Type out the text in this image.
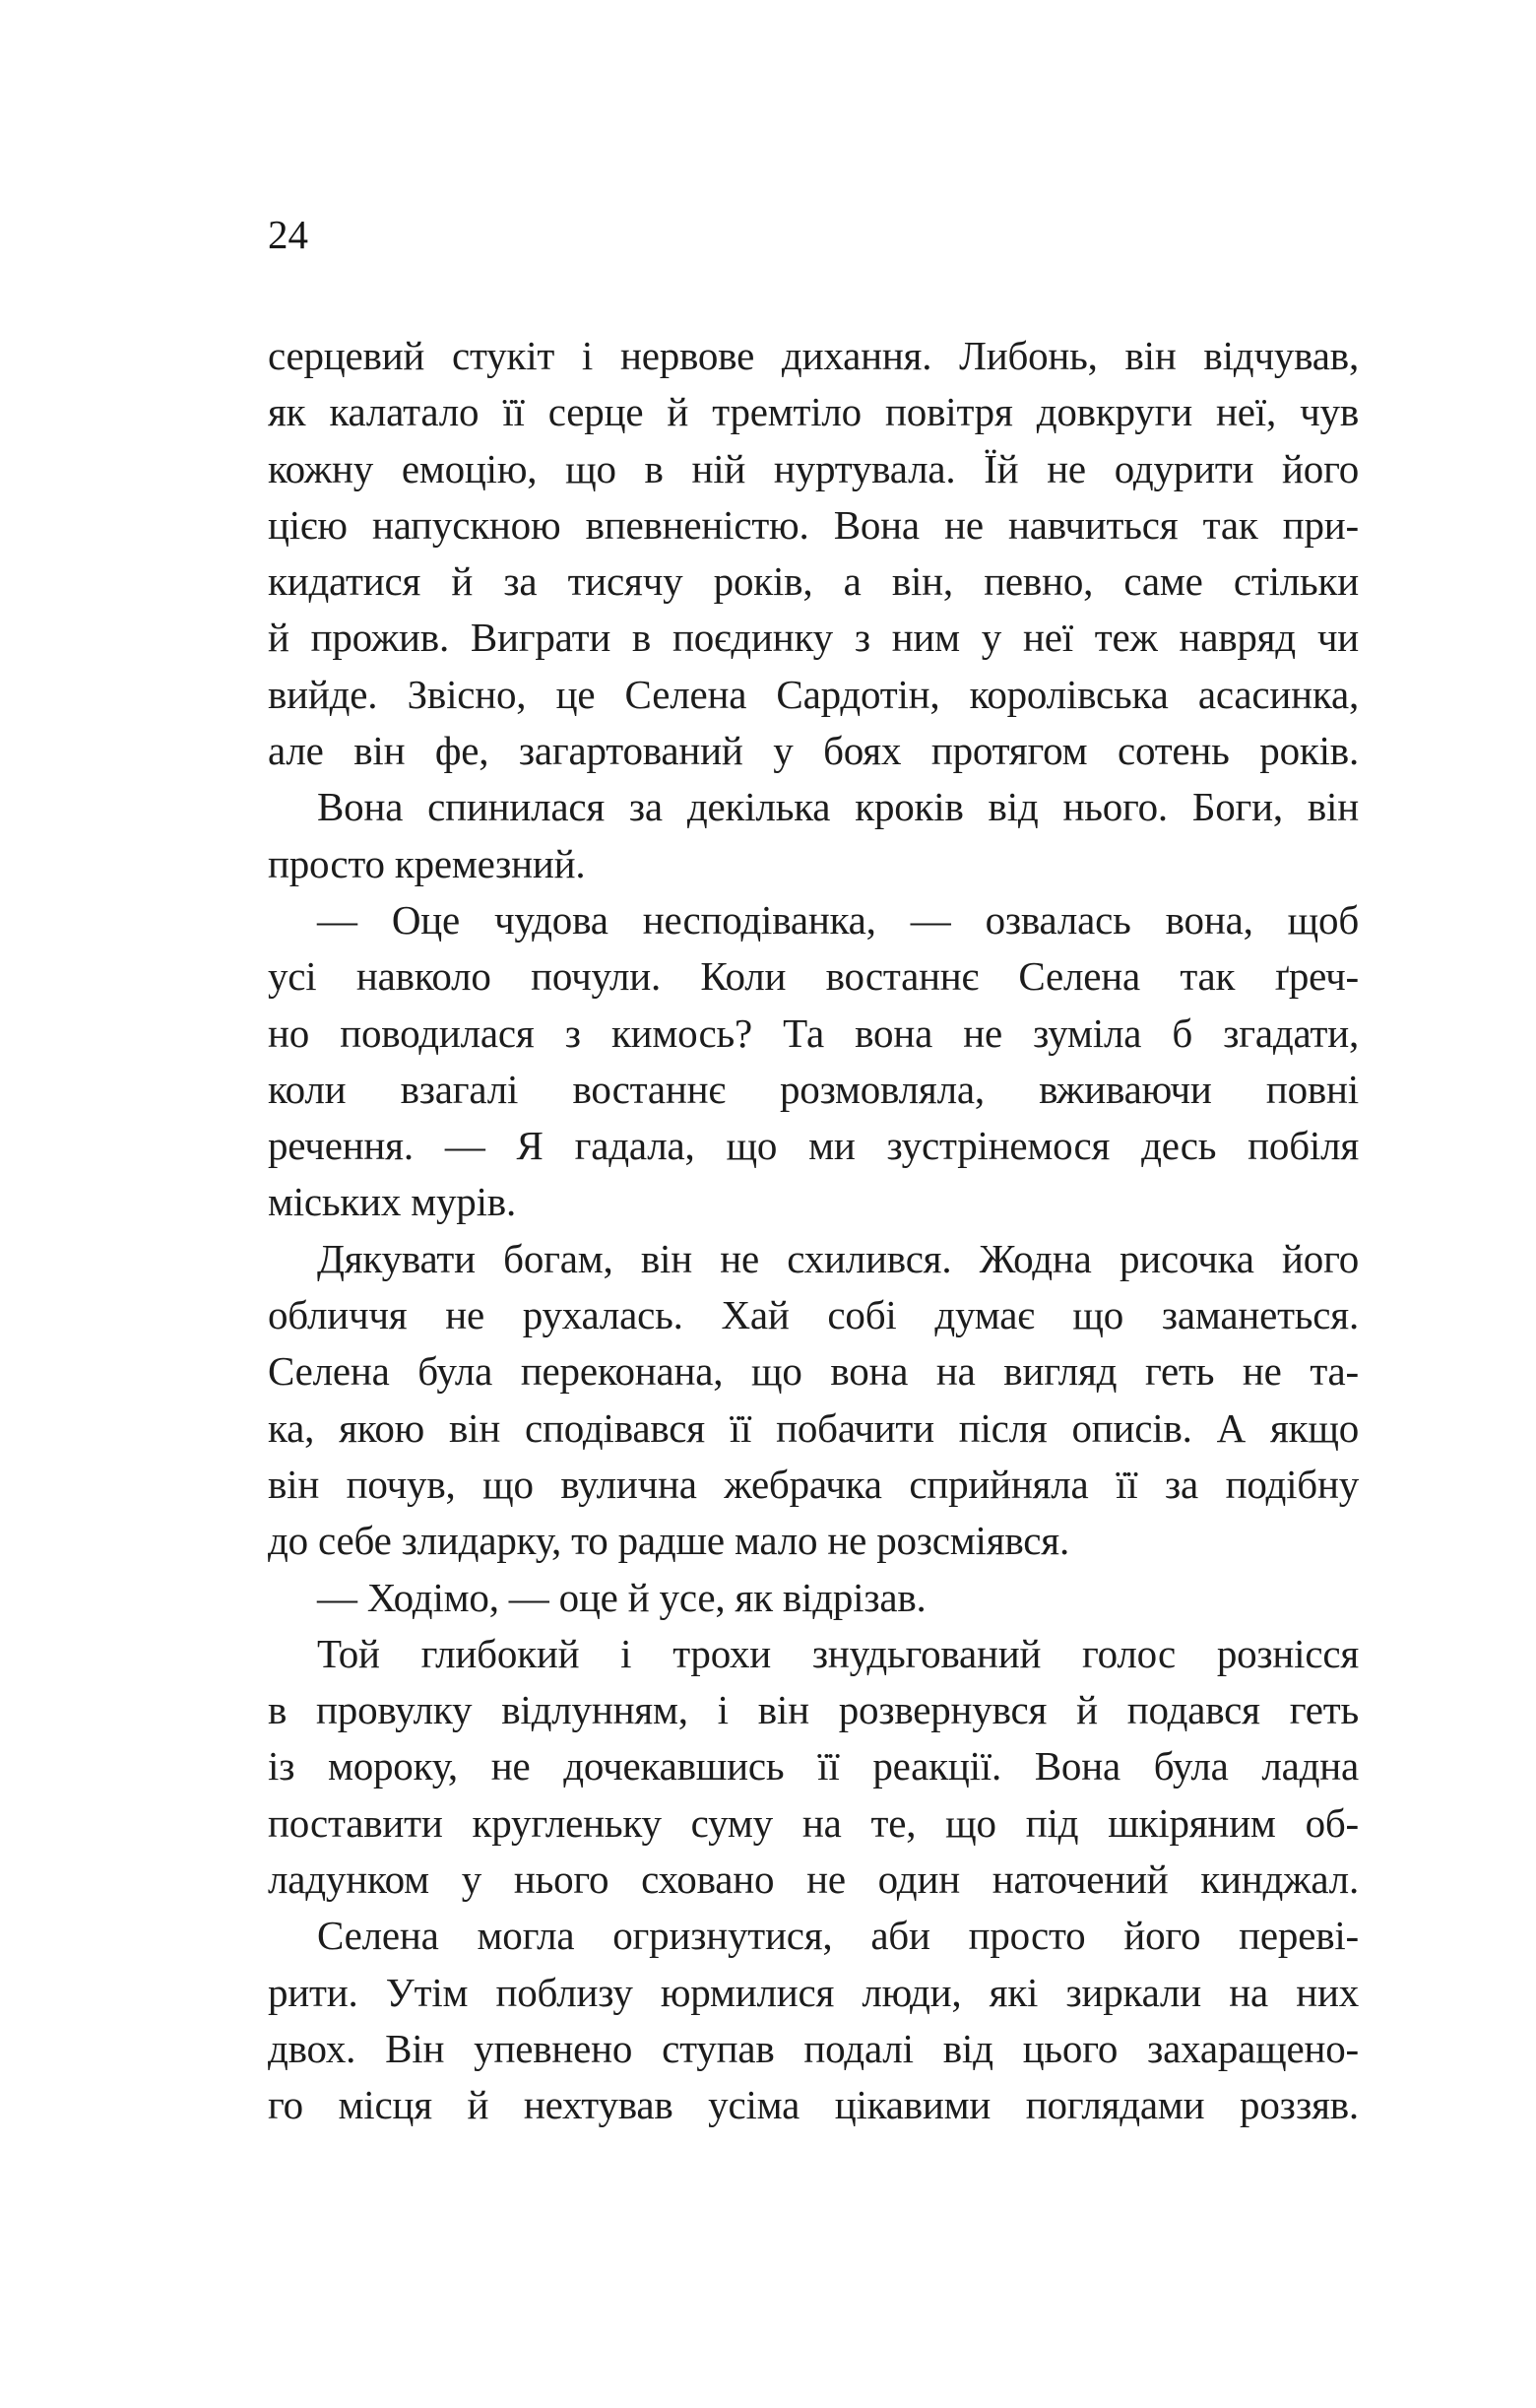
24
серцевий стукіт і нервове дихання. Либонь, він відчував,
як калатало її серце й тремтіло повітря довкруги неї, чув
кожну емоцію, що в ній нуртувала. Їй не одурити його
цією напускною впевненістю. Вона не навчиться так при-
кидатися й за тисячу років, а він, певно, саме стільки
й прожив. Виграти в поєдинку з ним у неї теж навряд чи
вийде. Звісно, це Селена Сардотін, королівська асасинка,
але він фе, загартований у боях протягом сотень років.
Вона спинилася за декілька кроків від нього. Боги, він
просто кремезний.
— Оце чудова несподіванка, — озвалась вона, щоб
усі навколо почули. Коли востаннє Селена так ґреч-
но поводилася з кимось? Та вона не зуміла б згадати,
коли взагалі востаннє розмовляла, вживаючи повні
речення. — Я гадала, що ми зустрінемося десь побіля
міських мурів.
Дякувати богам, він не схилився. Жодна рисочка його
обличчя не рухалась. Хай собі думає що заманеться.
Селена була переконана, що вона на вигляд геть не та-
ка, якою він сподівався її побачити після описів. А якщо
він почув, що вулична жебрачка сприйняла її за подібну
до себе злидарку, то радше мало не розсміявся.
— Ходімо, — оце й усе, як відрізав.
Той глибокий і трохи знудьгований голос рознісся
в провулку відлунням, і він розвернувся й подався геть
із мороку, не дочекавшись її реакції. Вона була ладна
поставити кругленьку суму на те, що під шкіряним об-
ладунком у нього сховано не один наточений кинджал.
Селена могла огризнутися, аби просто його переві-
рити. Утім поблизу юрмилися люди, які зиркали на них
двох. Він упевнено ступав подалі від цього захаращено-
го місця й нехтував усіма цікавими поглядами роззяв.
